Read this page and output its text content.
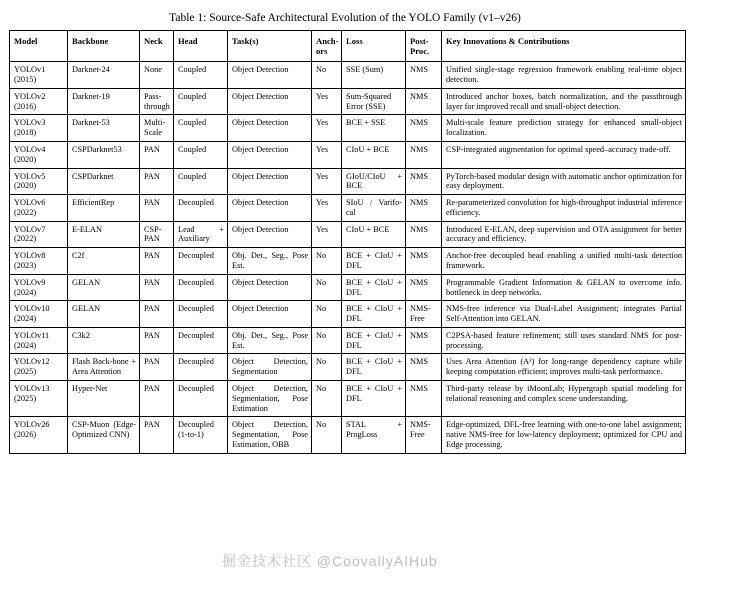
Table 1: Source-Safe Architectural Evolution of the YOLO Family (v1–v26)
Model	Backbone	Neck	Head	Task(s)	Anch-ors	Loss	Post-Proc.	Key Innovations & Contributions
YOLOv1 (2015)	Darknet-24	None	Coupled	Object Detection	No	SSE (Sum)	NMS	Unified single-stage regression framework enabling real-time object detection.
YOLOv2 (2016)	Darknet-19	Pass-through	Coupled	Object Detection	Yes	Sum-Squared Error (SSE)	NMS	Introduced anchor boxes, batch normalization, and the passthrough layer for improved recall and small-object detection.
YOLOv3 (2018)	Darknet-53	Multi-Scale	Coupled	Object Detection	Yes	BCE + SSE	NMS	Multi-scale feature prediction strategy for enhanced small-object localization.
YOLOv4 (2020)	CSPDarknet53	PAN	Coupled	Object Detection	Yes	CIoU + BCE	NMS	CSP-integrated augmentation for optimal speed–accuracy trade-off.
YOLOv5 (2020)	CSPDarknet	PAN	Coupled	Object Detection	Yes	GIoU/CIoU + BCE	NMS	PyTorch-based modular design with automatic anchor optimization for easy deployment.
YOLOv6 (2022)	EfficientRep	PAN	Decoupled	Object Detection	Yes	SIoU / Varifo-cal	NMS	Re-parameterized convolution for high-throughput industrial inference efficiency.
YOLOv7 (2022)	E-ELAN	CSP-PAN	Lead + Auxiliary	Object Detection	Yes	CIoU + BCE	NMS	Introduced E-ELAN, deep supervision and OTA assignment for better accuracy and efficiency.
YOLOv8 (2023)	C2f	PAN	Decoupled	Obj. Det., Seg., Pose Est.	No	BCE + CIoU + DFL	NMS	Anchor-free decoupled head enabling a unified multi-task detection framework.
YOLOv9 (2024)	GELAN	PAN	Decoupled	Object Detection	No	BCE + CIoU + DFL	NMS	Programmable Gradient Information & GELAN to overcome info. bottleneck in deep networks.
YOLOv10 (2024)	GELAN	PAN	Decoupled	Object Detection	No	BCE + CIoU + DFL	NMS-Free	NMS-free inference via Dual-Label Assignment; integrates Partial Self-Attention into GELAN.
YOLOv11 (2024)	C3k2	PAN	Decoupled	Obj. Det., Seg., Pose Est.	No	BCE + CIoU + DFL	NMS	C2PSA-based feature refinement; still uses standard NMS for post-processing.
YOLOv12 (2025)	Flash Back-bone + Area Attention	PAN	Decoupled	Object Detection, Segmentation	No	BCE + CIoU + DFL	NMS	Uses Area Attention (A²) for long-range dependency capture while keeping computation efficient; improves multi-task performance.
YOLOv13 (2025)	Hyper-Net	PAN	Decoupled	Object Detection, Segmentation, Pose Estimation	No	BCE + CIoU + DFL	NMS	Third-party release by iMoonLab; Hypergraph spatial modeling for relational reasoning and complex scene understanding.
YOLOv26 (2026)	CSP-Muon (Edge-Optimized CNN)	PAN	Decoupled (1-to-1)	Object Detection, Segmentation, Pose Estimation, OBB	No	STAL + ProgLoss	NMS-Free	Edge-optimized, DFL-free learning with one-to-one label assignment; native NMS-free for low-latency deployment; optimized for CPU and Edge processing.
掘金技术社区 @CoovallyAIHub
